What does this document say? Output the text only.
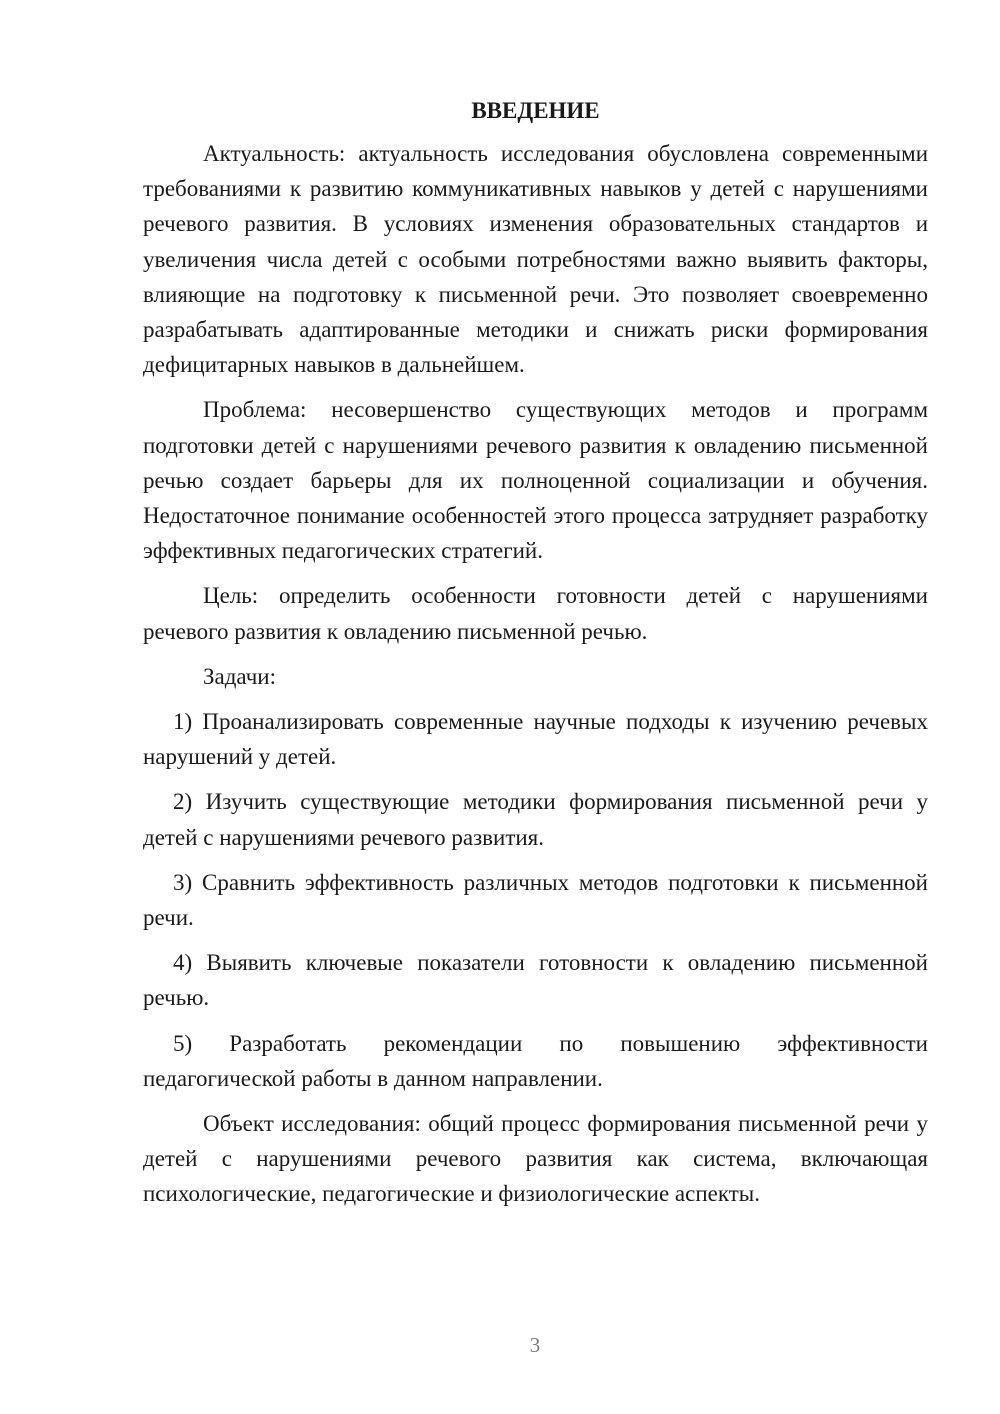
ВВЕДЕНИЕ

Актуальность: актуальность исследования обусловлена современными требованиями к развитию коммуникативных навыков у детей с нарушениями речевого развития. В условиях изменения образовательных стандартов и увеличения числа детей с особыми потребностями важно выявить факторы, влияющие на подготовку к письменной речи. Это позволяет своевременно разрабатывать адаптированные методики и снижать риски формирования дефицитарных навыков в дальнейшем.

Проблема: несовершенство существующих методов и программ подготовки детей с нарушениями речевого развития к овладению письменной речью создает барьеры для их полноценной социализации и обучения. Недостаточное понимание особенностей этого процесса затрудняет разработку эффективных педагогических стратегий.

Цель: определить особенности готовности детей с нарушениями речевого развития к овладению письменной речью.

Задачи:

1) Проанализировать современные научные подходы к изучению речевых нарушений у детей.

2) Изучить существующие методики формирования письменной речи у детей с нарушениями речевого развития.

3) Сравнить эффективность различных методов подготовки к письменной речи.

4) Выявить ключевые показатели готовности к овладению письменной речью.

5) Разработать рекомендации по повышению эффективности педагогической работы в данном направлении.

Объект исследования: общий процесс формирования письменной речи у детей с нарушениями речевого развития как система, включающая психологические, педагогические и физиологические аспекты.

3
